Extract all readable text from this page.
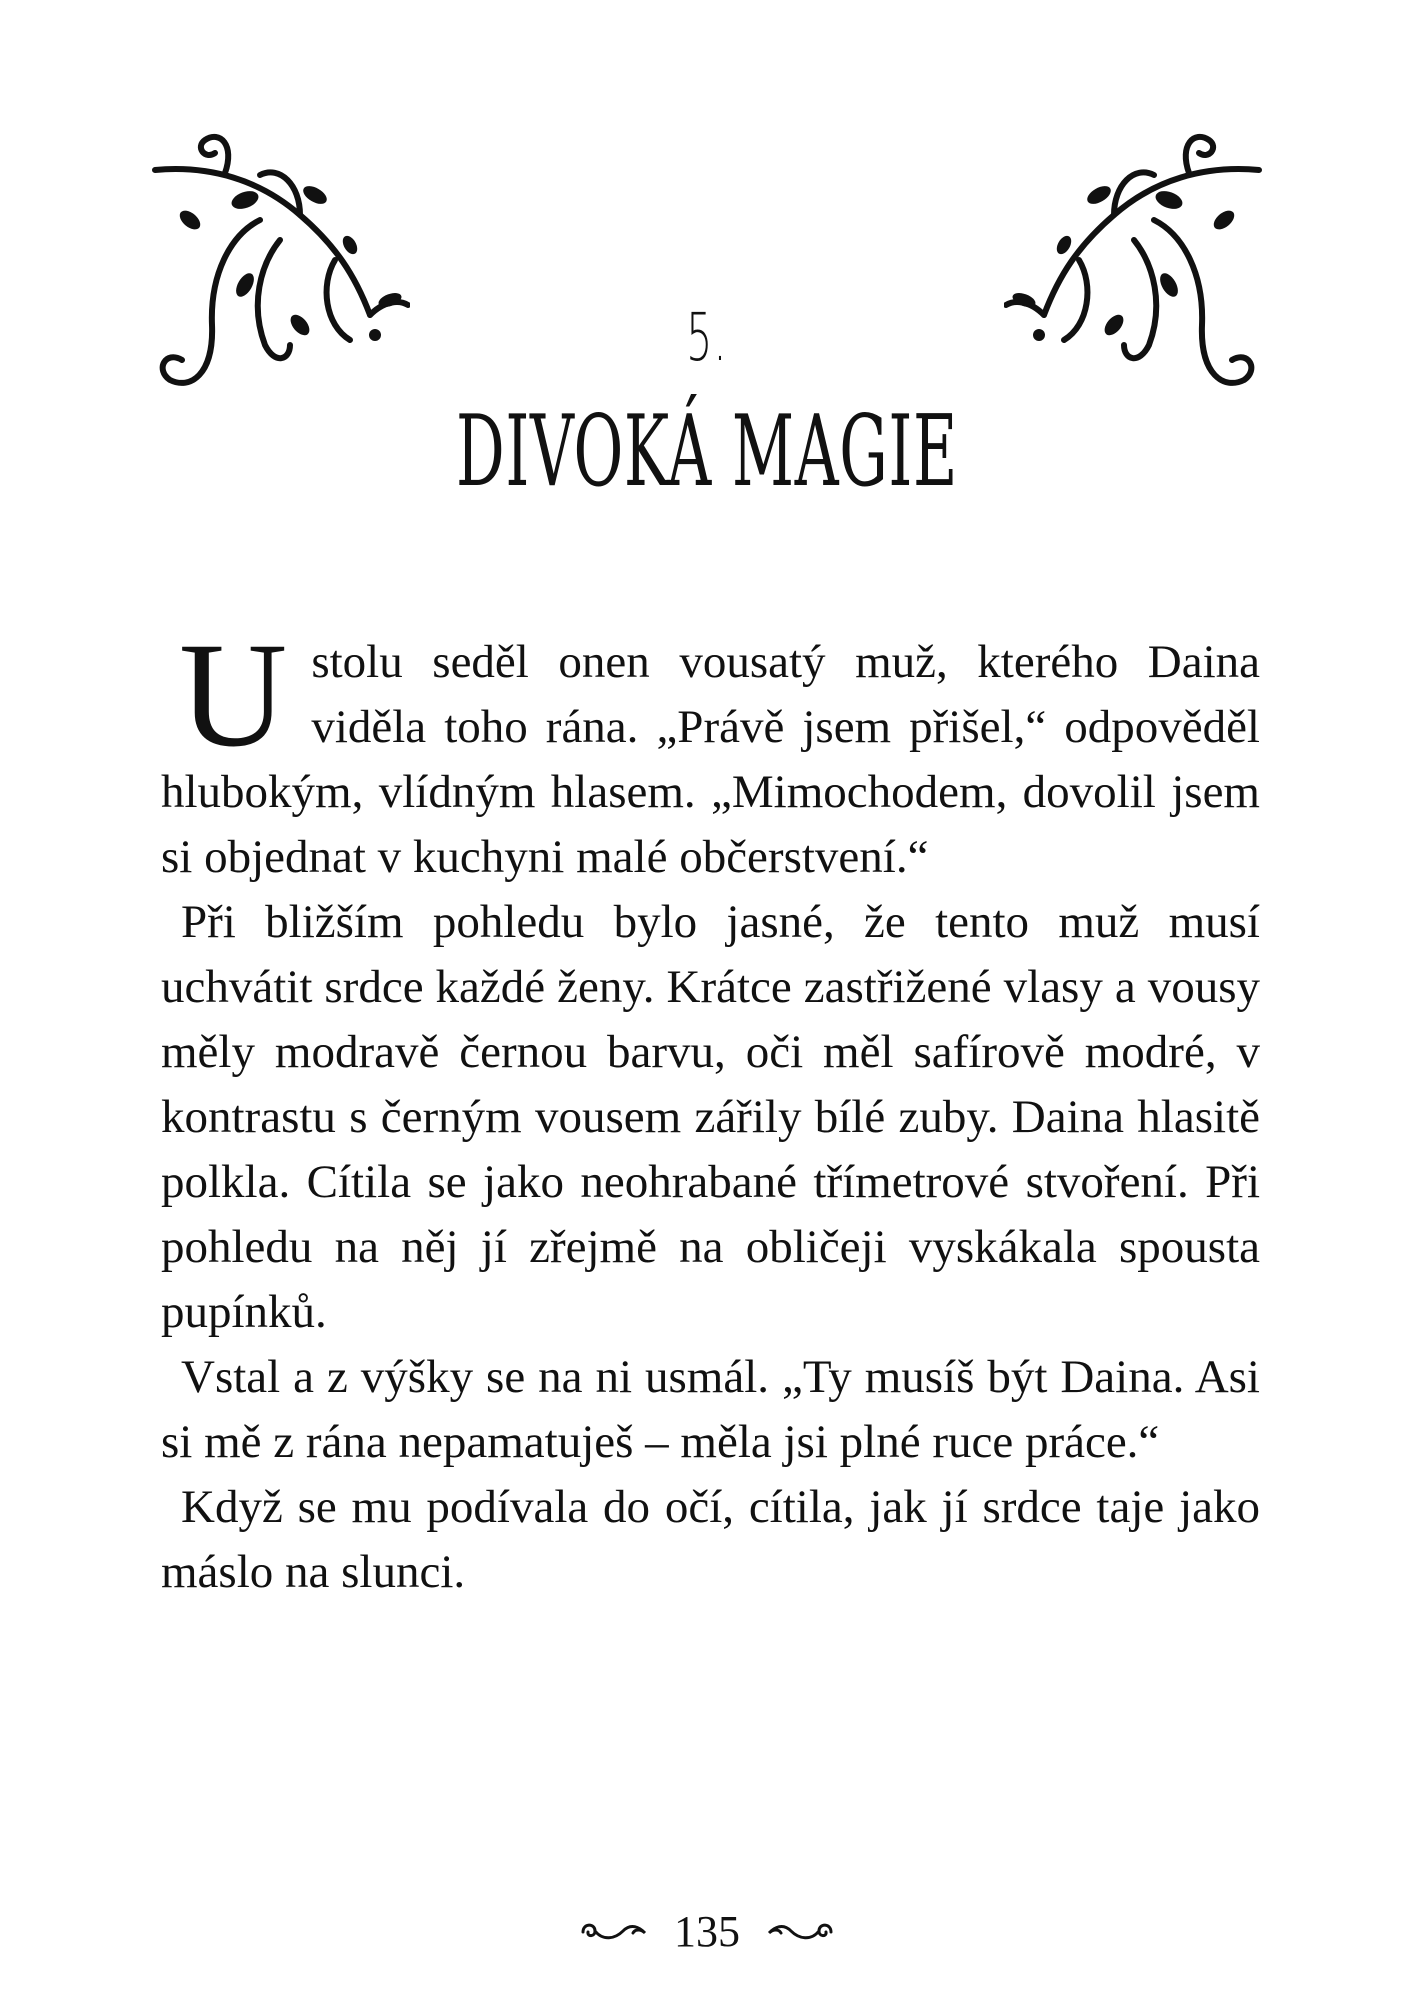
5.
DIVOKÁ MAGIE

U stolu seděl onen vousatý muž, kterého Daina viděla toho rána. „Právě jsem přišel,“ odpověděl hlubokým, vlídným hlasem. „Mimochodem, dovolil jsem si objednat v kuchyni malé občerstvení.“

Při bližším pohledu bylo jasné, že tento muž musí uchvátit srdce každé ženy. Krátce zastřižené vlasy a vousy měly modravě černou barvu, oči měl safírově modré, v kontrastu s černým vousem zářily bílé zuby. Daina hlasitě polkla. Cítila se jako neohrabané třímetrové stvoření. Při pohledu na něj jí zřejmě na obličeji vyskákala spousta pupínků.

Vstal a z výšky se na ni usmál. „Ty musíš být Daina. Asi si mě z rána nepamatuješ – měla jsi plné ruce práce.“

Když se mu podívala do očí, cítila, jak jí srdce taje jako máslo na slunci.

135
